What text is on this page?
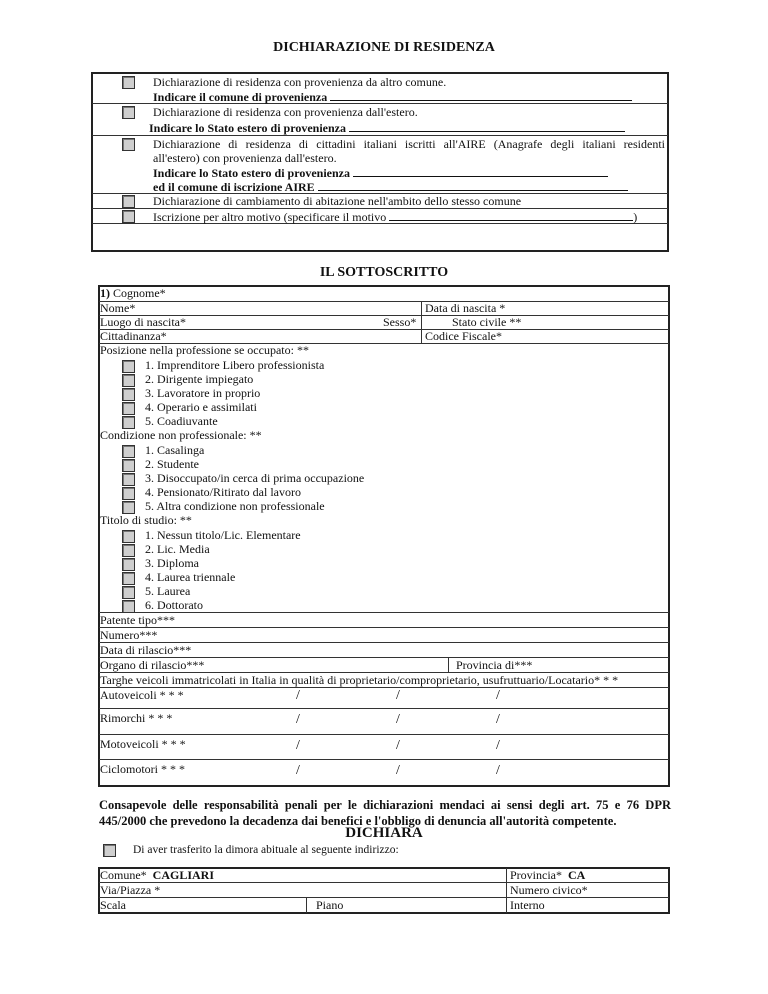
DICHIARAZIONE DI RESIDENZA
Dichiarazione di residenza con provenienza da altro comune.
Indicare il comune di provenienza
Dichiarazione di residenza con provenienza dall'estero.
Indicare lo Stato estero di provenienza
Dichiarazione di residenza di cittadini italiani iscritti all'AIRE (Anagrafe degli italiani residenti
all'estero) con provenienza dall'estero.
Indicare lo Stato estero di provenienza
ed il comune di iscrizione AIRE
Dichiarazione di cambiamento di abitazione nell'ambito dello stesso comune
Iscrizione per altro motivo (specificare il motivo	)
IL SOTTOSCRITTO
1) Cognome*
Nome*	Data di nascita *
Luogo di nascita*	Sesso*	Stato civile **
Cittadinanza*	Codice Fiscale*
Posizione nella professione se occupato: **
1. Imprenditore Libero professionista
2. Dirigente impiegato
3. Lavoratore in proprio
4. Operario e assimilati
5. Coadiuvante
Condizione non professionale: **
1. Casalinga
2. Studente
3. Disoccupato/in cerca di prima occupazione
4. Pensionato/Ritirato dal lavoro
5. Altra condizione non professionale
Titolo di studio: **
1. Nessun titolo/Lic. Elementare
2. Lic. Media
3. Diploma
4. Laurea triennale
5. Laurea
6. Dottorato
Patente tipo***
Numero***
Data di rilascio***
Organo di rilascio***	Provincia di***
Targhe veicoli immatricolati in Italia in qualità di proprietario/comproprietario, usufruttuario/Locatario* * *
Autoveicoli * * *	/	/	/
Rimorchi * * *	/	/	/
Motoveicoli * * *	/	/	/
Ciclomotori * * *	/	/	/
Consapevole delle responsabilità penali per le dichiarazioni mendaci ai sensi degli art. 75 e 76 DPR
445/2000 che prevedono la decadenza dai benefici e l'obbligo di denuncia all'autorità competente.
DICHIARA
Di aver trasferito la dimora abituale al seguente indirizzo:
Comune* CAGLIARI	Provincia* CA
Via/Piazza *	Numero civico*
Scala	Piano	Interno
